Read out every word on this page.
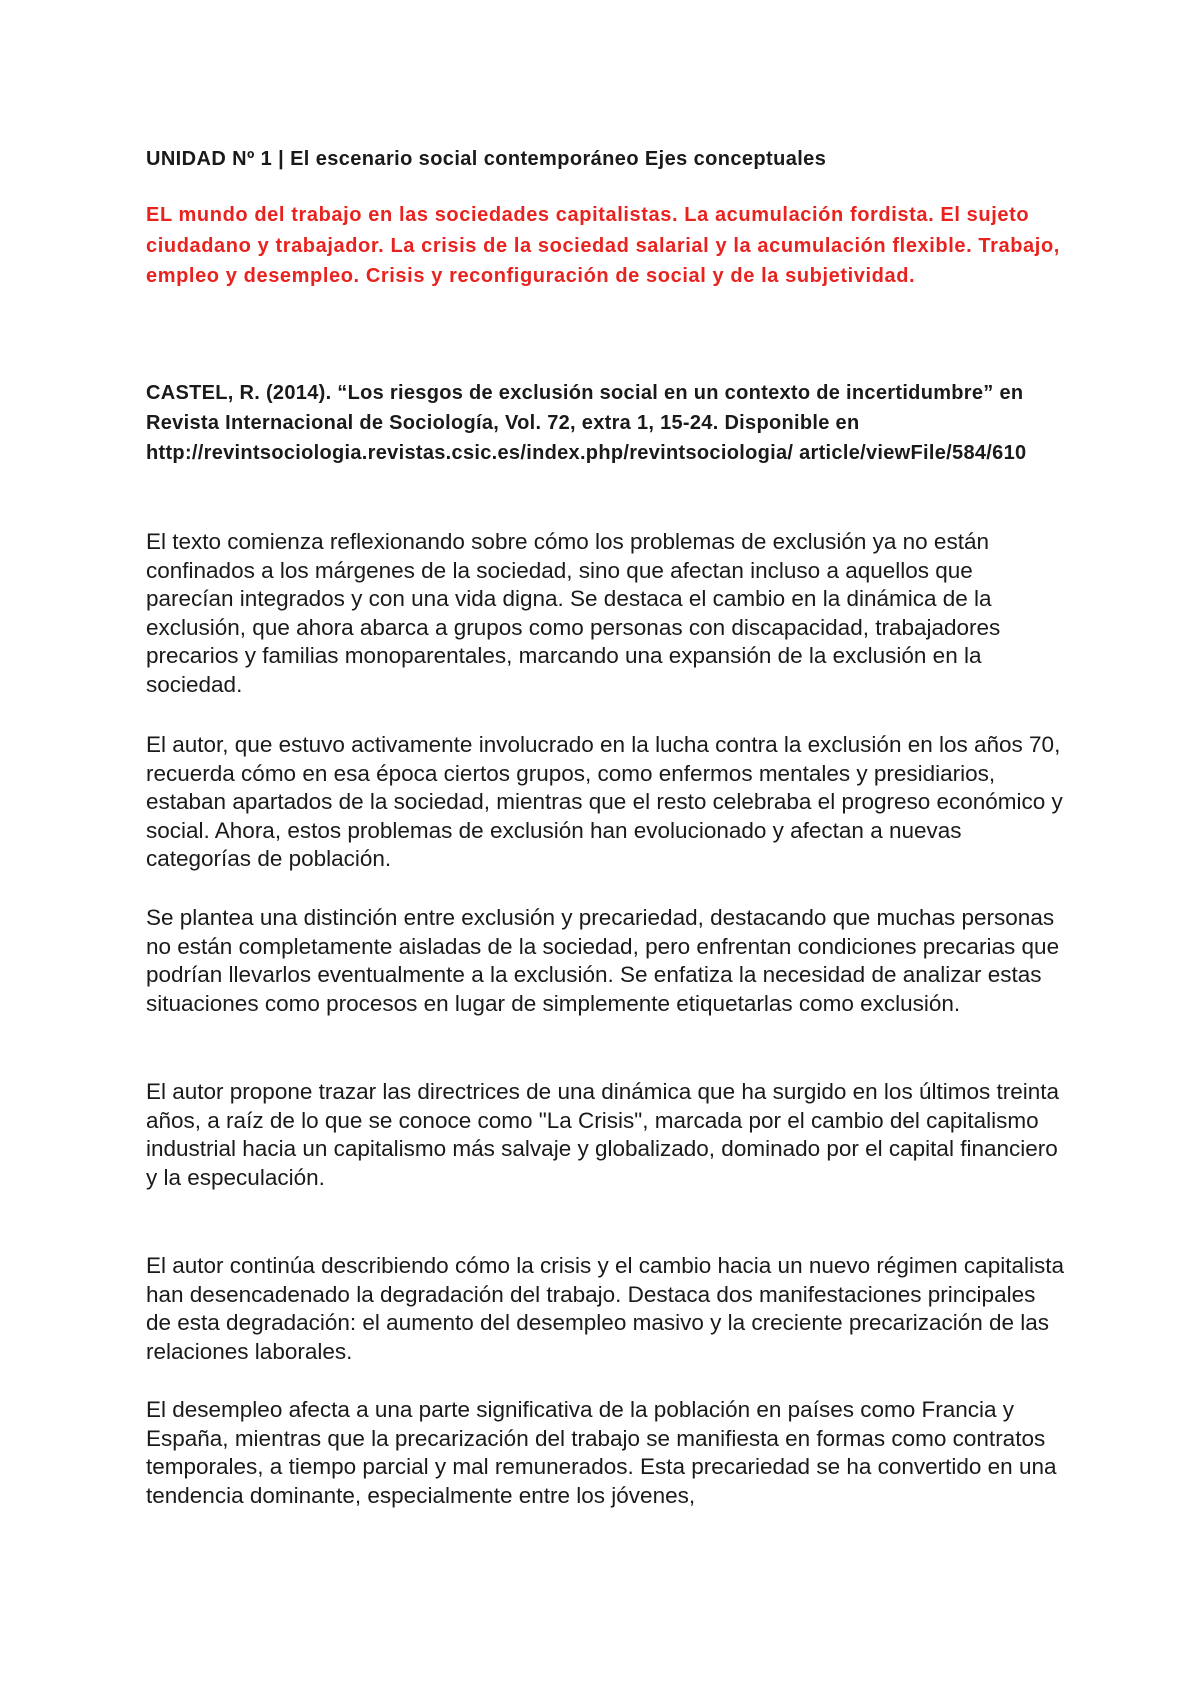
UNIDAD Nº 1 | El escenario social contemporáneo Ejes conceptuales

EL mundo del trabajo en las sociedades capitalistas. La acumulación fordista. El sujeto ciudadano y trabajador. La crisis de la sociedad salarial y la acumulación flexible. Trabajo, empleo y desempleo. Crisis y reconfiguración de social y de la subjetividad.

CASTEL, R. (2014). “Los riesgos de exclusión social en un contexto de incertidumbre” en Revista Internacional de Sociología, Vol. 72, extra 1, 15-24. Disponible en http://revintsociologia.revistas.csic.es/index.php/revintsociologia/ article/viewFile/584/610

El texto comienza reflexionando sobre cómo los problemas de exclusión ya no están confinados a los márgenes de la sociedad, sino que afectan incluso a aquellos que parecían integrados y con una vida digna. Se destaca el cambio en la dinámica de la exclusión, que ahora abarca a grupos como personas con discapacidad, trabajadores precarios y familias monoparentales, marcando una expansión de la exclusión en la sociedad.

El autor, que estuvo activamente involucrado en la lucha contra la exclusión en los años 70, recuerda cómo en esa época ciertos grupos, como enfermos mentales y presidiarios, estaban apartados de la sociedad, mientras que el resto celebraba el progreso económico y social. Ahora, estos problemas de exclusión han evolucionado y afectan a nuevas categorías de población.

Se plantea una distinción entre exclusión y precariedad, destacando que muchas personas no están completamente aisladas de la sociedad, pero enfrentan condiciones precarias que podrían llevarlos eventualmente a la exclusión. Se enfatiza la necesidad de analizar estas situaciones como procesos en lugar de simplemente etiquetarlas como exclusión.

El autor propone trazar las directrices de una dinámica que ha surgido en los últimos treinta años, a raíz de lo que se conoce como "La Crisis", marcada por el cambio del capitalismo industrial hacia un capitalismo más salvaje y globalizado, dominado por el capital financiero y la especulación.

El autor continúa describiendo cómo la crisis y el cambio hacia un nuevo régimen capitalista han desencadenado la degradación del trabajo. Destaca dos manifestaciones principales de esta degradación: el aumento del desempleo masivo y la creciente precarización de las relaciones laborales.

El desempleo afecta a una parte significativa de la población en países como Francia y España, mientras que la precarización del trabajo se manifiesta en formas como contratos temporales, a tiempo parcial y mal remunerados. Esta precariedad se ha convertido en una tendencia dominante, especialmente entre los jóvenes,
